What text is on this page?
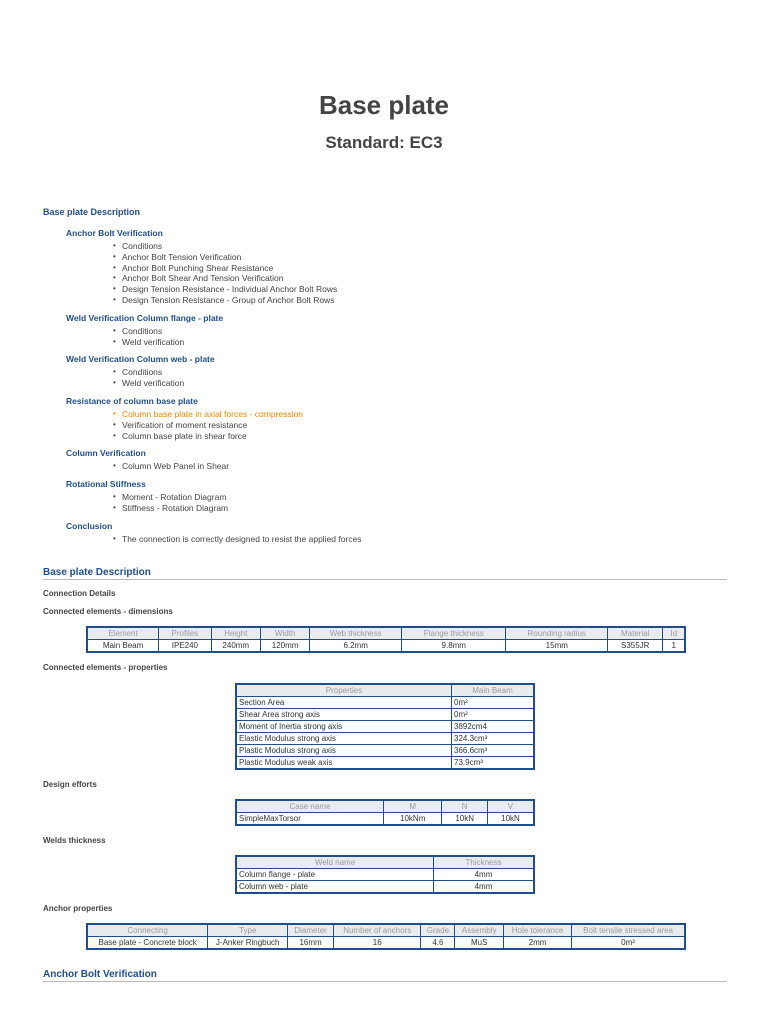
Base plate
Standard: EC3
Base plate Description
Anchor Bolt Verification
• Conditions
• Anchor Bolt Tension Verification
• Anchor Bolt Punching Shear Resistance
• Anchor Bolt Shear And Tension Verification
• Design Tension Resistance - Individual Anchor Bolt Rows
• Design Tension Resistance - Group of Anchor Bolt Rows
Weld Verification Column flange - plate
• Conditions
• Weld verification
Weld Verification Column web - plate
• Conditions
• Weld verification
Resistance of column base plate
• Column base plate in axial forces - compression
• Verification of moment resistance
• Column base plate in shear force
Column Verification
• Column Web Panel in Shear
Rotational Stiffness
• Moment - Rotation Diagram
• Stiffness - Rotation Diagram
Conclusion
• The connection is correctly designed to resist the applied forces
Base plate Description
Connection Details
Connected elements - dimensions
Element	Profiles	Height	Width	Web thickness	Flange thickness	Rounding radius	Material	Id
Main Beam	IPE240	240mm	120mm	6.2mm	9.8mm	15mm	S355JR	1
Connected elements - properties
Properties	Main Beam
Section Area	0m²
Shear Area strong axis	0m²
Moment of Inertia strong axis	3892cm4
Elastic Modulus strong axis	324.3cm³
Plastic Modulus strong axis	366.6cm³
Plastic Modulus weak axis	73.9cm³
Design efforts
Case name	M	N	V
SimpleMaxTorsor	10kNm	10kN	10kN
Welds thickness
Weld name	Thickness
Column flange - plate	4mm
Column web - plate	4mm
Anchor properties
Connecting	Type	Diameter	Number of anchors	Grade	Assembly	Hole tolerance	Bolt tensile stressed area
Base plate - Concrete block	J-Anker Ringbuch	16mm	16	4.6	MuS	2mm	0m²
Anchor Bolt Verification
